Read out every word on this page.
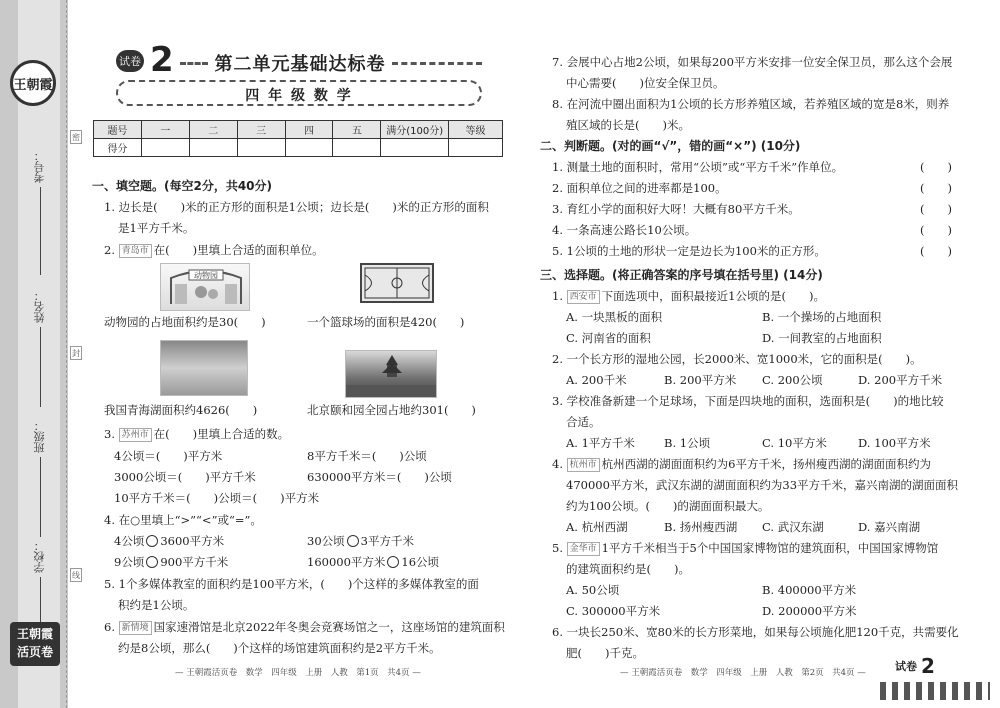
王朝霞
考号：
姓名：
班级：
学校：
王朝霞
活页卷
密
封
线
试卷 2 第二单元基础达标卷
四 年 级 数 学
题号	一	二	三	四	五	满分(100分)	等级
得分							
一、填空题。(每空2分，共40分)
1. 边长是(　　)米的正方形的面积是1公顷；边长是(　　)米的正方形的面积
是1平方千米。
2. 青岛市 在(　　)里填上合适的面积单位。
动物园的占地面积约是30(　　)	一个篮球场的面积是420(　　)
我国青海湖面积约4626(　　)	北京颐和园全园占地约301(　　)
3. 苏州市 在(　　)里填上合适的数。
4公顷＝(　　)平方米	8平方千米＝(　　)公顷
3000公顷＝(　　)平方千米	630000平方米＝(　　)公顷
10平方千米＝(　　)公顷＝(　　)平方米
4. 在○里填上“>”“<”或“=”。
4公顷 3600平方米	30公顷 3平方千米
9公顷 900平方千米	160000平方米 16公顷
5. 1个多媒体教室的面积约是100平方米，(　　)个这样的多媒体教室的面
积约是1公顷。
6. 新情境 国家速滑馆是北京2022年冬奥会竞赛场馆之一，这座场馆的建筑面积
约是8公顷，那么(　　)个这样的场馆建筑面积约是2平方千米。
动物园
— 王朝霞活页卷　数学　四年级　上册　人教　第1页　共4页 —
7. 会展中心占地2公顷，如果每200平方米安排一位安全保卫员，那么这个会展
中心需要(　　)位安全保卫员。
8. 在河流中圈出面积为1公顷的长方形养殖区域，若养殖区域的宽是8米，则养
殖区域的长是(　　)米。
二、判断题。(对的画“√”，错的画“×”) (10分)
1. 测量土地的面积时，常用“公顷”或“平方千米”作单位。	(　　)
2. 面积单位之间的进率都是100。	(　　)
3. 育红小学的面积好大呀！大概有80平方千米。	(　　)
4. 一条高速公路长10公顷。	(　　)
5. 1公顷的土地的形状一定是边长为100米的正方形。	(　　)
三、选择题。(将正确答案的序号填在括号里) (14分)
1. 西安市 下面选项中，面积最接近1公顷的是(　　)。
A. 一块黑板的面积	B. 一个操场的占地面积
C. 河南省的面积	D. 一间教室的占地面积
2. 一个长方形的湿地公园，长2000米、宽1000米，它的面积是(　　)。
A. 200千米	B. 200平方米 C. 200公顷	D. 200平方千米
3. 学校准备新建一个足球场，下面是四块地的面积，选面积是(　　)的地比较
合适。
A. 1平方千米	B. 1公顷	C. 10平方米	D. 100平方米
4. 杭州市 杭州西湖的湖面面积约为6平方千米，扬州瘦西湖的湖面面积约为
470000平方米，武汉东湖的湖面面积约为33平方千米，嘉兴南湖的湖面面积
约为100公顷。(　　)的湖面面积最大。
A. 杭州西湖	B. 扬州瘦西湖 C. 武汉东湖	D. 嘉兴南湖
5. 金华市 1平方千米相当于5个中国国家博物馆的建筑面积，中国国家博物馆
的建筑面积约是(　　)。
A. 50公顷	B. 400000平方米
C. 300000平方米	D. 200000平方米
6. 一块长250米、宽80米的长方形菜地，如果每公顷施化肥120千克，共需要化
肥(　　)千克。
— 王朝霞活页卷　数学　四年级　上册　人教　第2页　共4页 —	试卷 2
